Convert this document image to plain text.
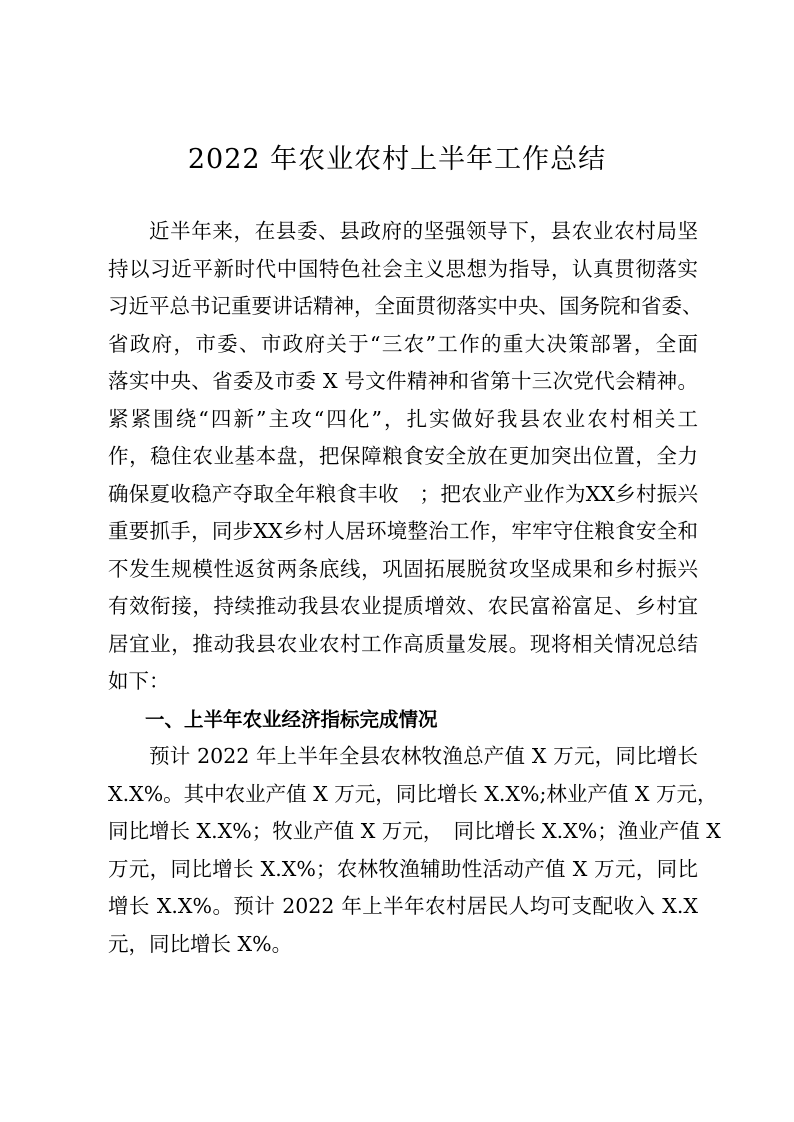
2022 年农业农村上半年工作总结
近半年来，在县委、县政府的坚强领导下，县农业农村局坚
持以习近平新时代中国特色社会主义思想为指导，认真贯彻落实
习近平总书记重要讲话精神，全面贯彻落实中央、国务院和省委、
省政府，市委、市政府关于“三农”工作的重大决策部署，全面
落实中央、省委及市委 X 号文件精神和省第十三次党代会精神。
紧紧围绕“四新”主攻“四化”，扎实做好我县农业农村相关工
作，稳住农业基本盘，把保障粮食安全放在更加突出位置，全力
确保夏收稳产夺取全年粮食丰收　；把农业产业作为XX乡村振兴
重要抓手，同步XX乡村人居环境整治工作，牢牢守住粮食安全和
不发生规模性返贫两条底线，巩固拓展脱贫攻坚成果和乡村振兴
有效衔接，持续推动我县农业提质增效、农民富裕富足、乡村宜
居宜业，推动我县农业农村工作高质量发展。现将相关情况总结
如下：
一、上半年农业经济指标完成情况
预计 2022 年上半年全县农林牧渔总产值 X 万元，同比增长
X.X%。其中农业产值 X 万元，同比增长 X.X%;林业产值 X 万元，
同比增长 X.X%；牧业产值 X 万元，　同比增长 X.X%；渔业产值 X
万元，同比增长 X.X%；农林牧渔辅助性活动产值 X 万元，同比
增长 X.X%。预计 2022 年上半年农村居民人均可支配收入 X.X
元，同比增长 X%。
